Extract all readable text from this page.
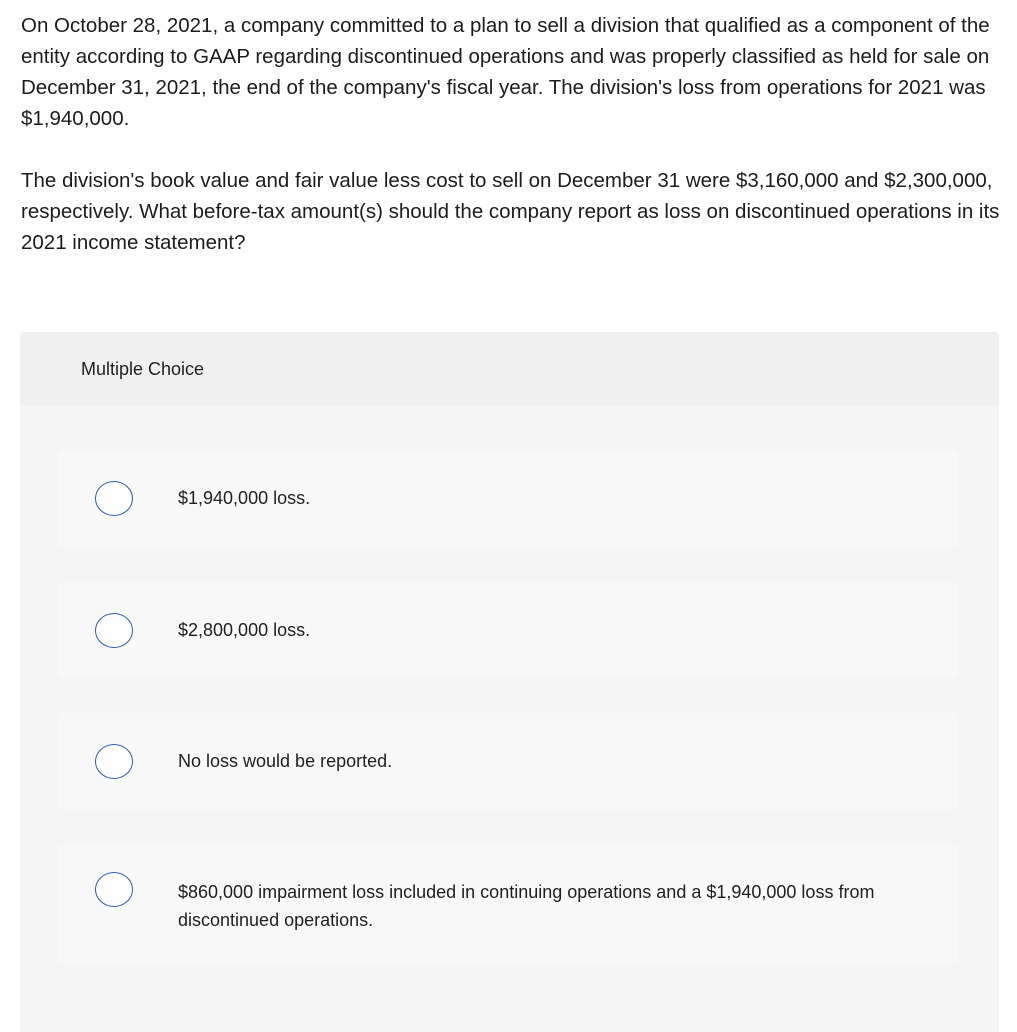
On October 28, 2021, a company committed to a plan to sell a division that qualified as a component of the entity according to GAAP regarding discontinued operations and was properly classified as held for sale on December 31, 2021, the end of the company's fiscal year. The division's loss from operations for 2021 was $1,940,000.

The division's book value and fair value less cost to sell on December 31 were $3,160,000 and $2,300,000, respectively. What before-tax amount(s) should the company report as loss on discontinued operations in its 2021 income statement?

Multiple Choice
$1,940,000 loss.
$2,800,000 loss.
No loss would be reported.
$860,000 impairment loss included in continuing operations and a $1,940,000 loss from discontinued operations.
